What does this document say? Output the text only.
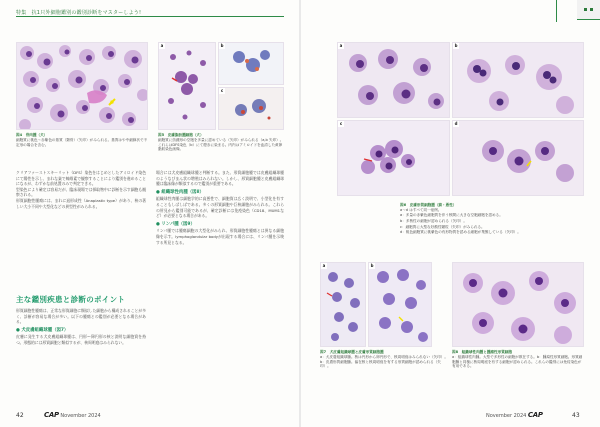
特集　抗1只外細胞鑑別の鑑別診断をマスターしよう!
図4　骨肉腫（犬）
細胞質に桃色～赤紫色の基質（類骨）（矢印）がみられる。基質はや中細線状で不定形の場合を含む。
a	b
c
図5　皮膚脂肪腫細胞（犬）
細胞質に紡錘形の空胞を多量に認めている（矢印）がみられる（a,b 矢印）。これらはDFS染色（b）にて橙赤に染まる。内内はアミロイドを血清した黄卵脂肪染色画像。

クリアファーストスキーリット（DFS）染色をはじめとしたアミロイド染色にて陽性を示し、まれな巣で線維素で観察することにより鑑別を進めることになるが、わずかな前処置のみで判定できる。

型染色により確定は容易だが、臨床現場では採取物中に診断を示す細胞も観察される。

形質細胞性腫瘍には、まれに退形成性（Anaplastic type）があり、核の著しい大小不同や大型化などの異型性がみられる。

主な鑑別疾患と診断のポイント

形質細胞性腫瘍は、正常な形質細胞に類似した細胞から構成されることが多く、診断が容易な場合が多い。以下の腫瘍との鑑別が必要となる場合がある。

● 犬皮膚組織球腫（図7）

皮膚に発生する犬皮膚組織球腫は、円形〜卵円形の核と淡明な細胞質を持つ。形態的には形質細胞と類似するが、核周明庭はみられない。

場合には犬皮膚組織球腫と判断する。また、形質細胞腫では皮膚組織球腫のようなびまん状の増殖はみられない。しかし、形質細胞腫と皮膚組織球腫は臨床像が類似するので鑑別が重要である。

● 組織球性肉腫（図8）

組織球性肉腫は細胞学的に高悪性で、細胞質は広く淡明で、小型化を有することもしばしばである。多くの形質細胞や巨核細胞がみられる。これらの所見から鑑別可能であるが、確定診断には免疫染色（CD18、MUM1など）が必要となる場合がある。

● リンパ腫（図9）

リンパ腫では腫瘍細胞の大型化がみられ、形質細胞性腫瘍とは異なる細胞像を示す。lymphoglandular bodyが出現する場合には、リンパ腫を示唆する所見となる。

42	CAP November 2024
a	b
c	d
図6　皮膚形質細胞腫（猫・悪性）
a～d はすべて同一症例。
a：多量の赤紫色細胞質を伴う核間に大きな空胞細胞を認める。
b：多核性の細胞が認められる（矢印）。
c：細胞質に大型な好酸性顆粒（矢印）がみられる。
d：桃色細胞質に桃紫色の有形物質を認める細胞が集簇している（矢印）。
a	b
図7　犬皮膚組織球腫と皮膚形質細胞腫
a：犬皮膚組織球腫。核は円形から卵円形で、核周明庭はみられない（矢印）。b：皮膚形質細胞腫。偏在核と核周明庭を有する形質細胞が認められる（矢印）。
図8　組織球性肉腫と腫瘍性形質細胞
a：組織球性肉腫。大型で多形性の細胞が散在する。b：腫瘍性形質細胞。形質細胞腫と同様に核周明庭を有する細胞が認められる。これらの鑑別には免疫染色が有用である。
November 2024 CAP	43
